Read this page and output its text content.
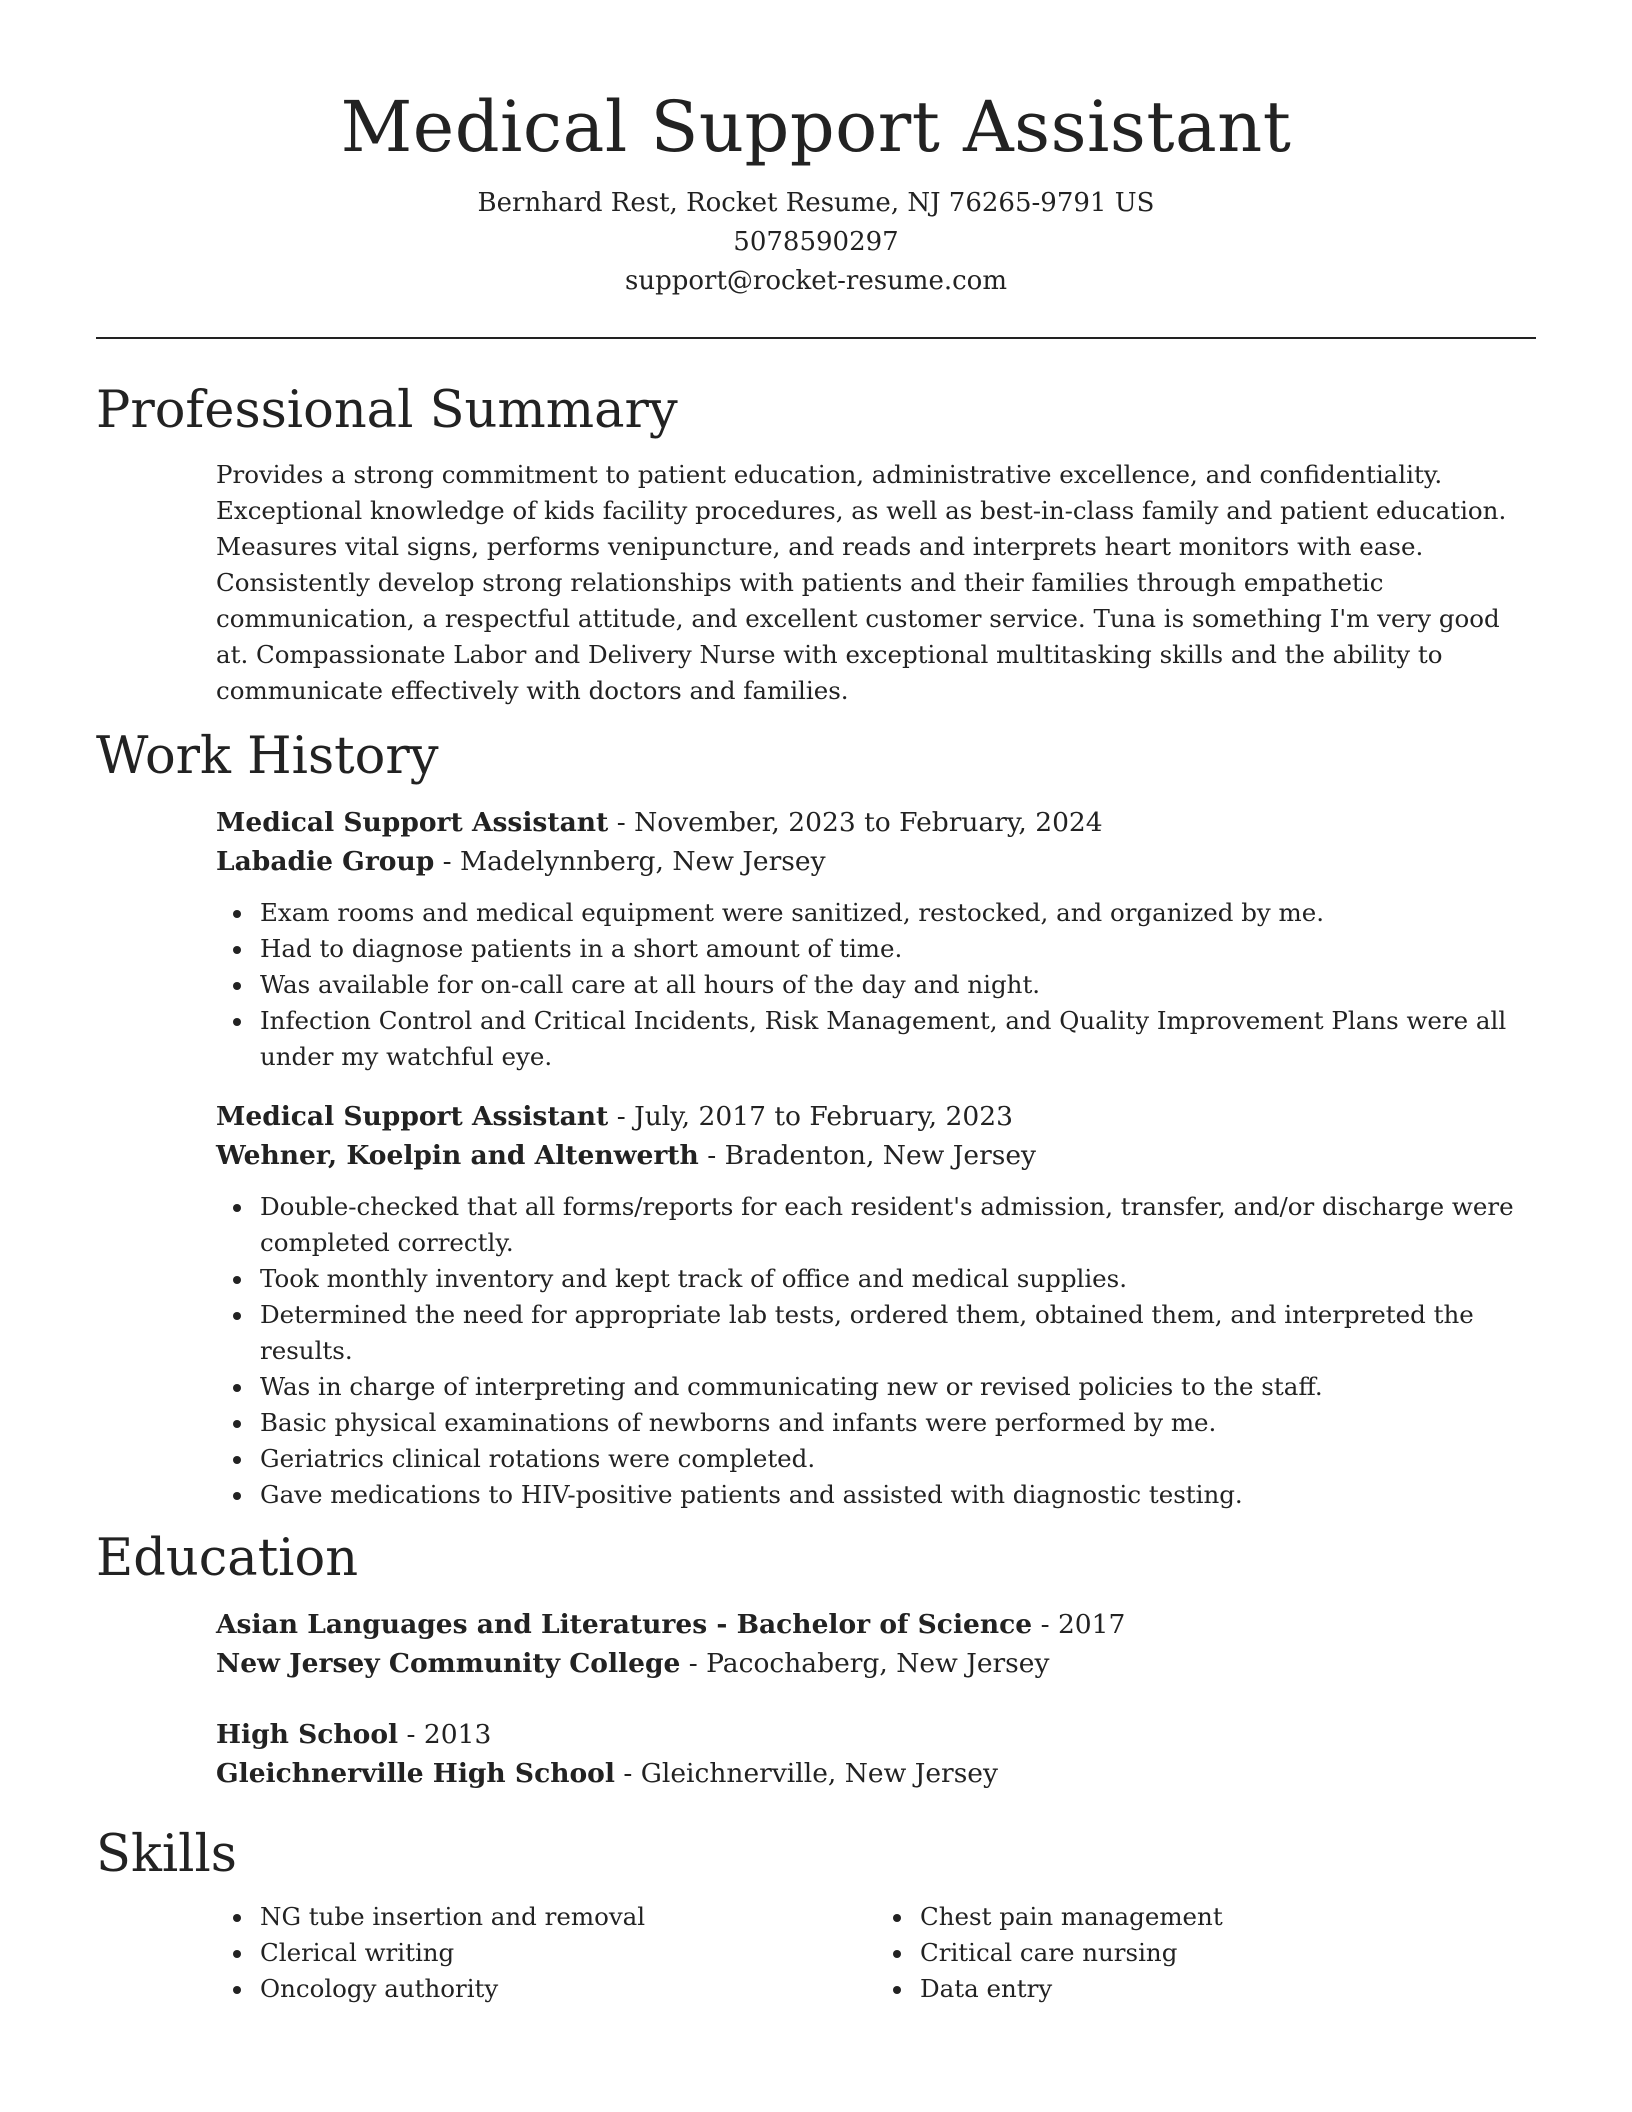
Medical Support Assistant
Bernhard Rest, Rocket Resume, NJ 76265-9791 US
5078590297
support@rocket-resume.com
Professional Summary
Provides a strong commitment to patient education, administrative excellence, and confidentiality. Exceptional knowledge of kids facility procedures, as well as best-in-class family and patient education. Measures vital signs, performs venipuncture, and reads and interprets heart monitors with ease. Consistently develop strong relationships with patients and their families through empathetic communication, a respectful attitude, and excellent customer service. Tuna is something I'm very good at. Compassionate Labor and Delivery Nurse with exceptional multitasking skills and the ability to communicate effectively with doctors and families.
Work History
Medical Support Assistant - November, 2023 to February, 2024
Labadie Group - Madelynnberg, New Jersey
Exam rooms and medical equipment were sanitized, restocked, and organized by me.
Had to diagnose patients in a short amount of time.
Was available for on-call care at all hours of the day and night.
Infection Control and Critical Incidents, Risk Management, and Quality Improvement Plans were all under my watchful eye.
Medical Support Assistant - July, 2017 to February, 2023
Wehner, Koelpin and Altenwerth - Bradenton, New Jersey
Double-checked that all forms/reports for each resident's admission, transfer, and/or discharge were completed correctly.
Took monthly inventory and kept track of office and medical supplies.
Determined the need for appropriate lab tests, ordered them, obtained them, and interpreted the results.
Was in charge of interpreting and communicating new or revised policies to the staff.
Basic physical examinations of newborns and infants were performed by me.
Geriatrics clinical rotations were completed.
Gave medications to HIV-positive patients and assisted with diagnostic testing.
Education
Asian Languages and Literatures - Bachelor of Science - 2017
New Jersey Community College - Pacochaberg, New Jersey
High School - 2013
Gleichnerville High School - Gleichnerville, New Jersey
Skills
NG tube insertion and removal
Clerical writing
Oncology authority
Chest pain management
Critical care nursing
Data entry
